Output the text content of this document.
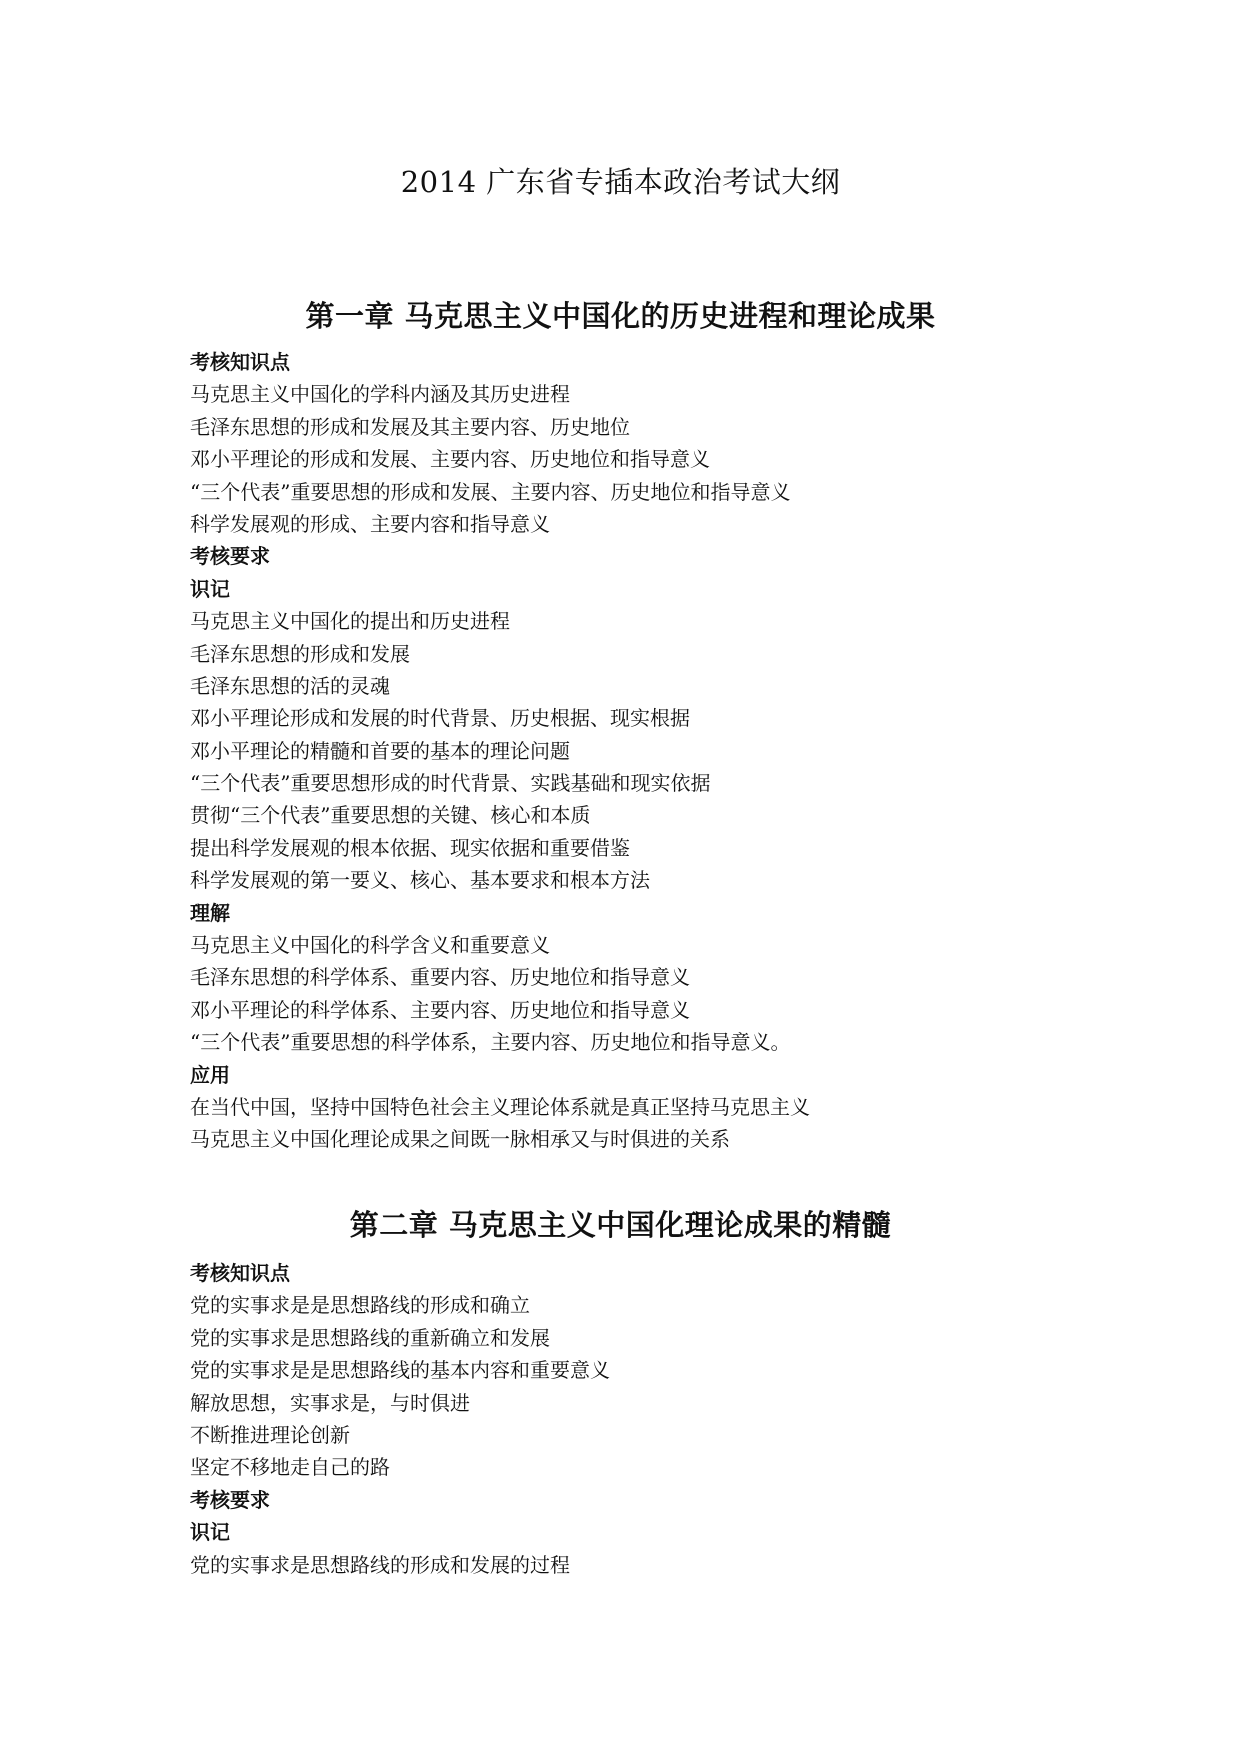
2014 广东省专插本政治考试大纲
第一章 马克思主义中国化的历史进程和理论成果
考核知识点
马克思主义中国化的学科内涵及其历史进程
毛泽东思想的形成和发展及其主要内容、历史地位
邓小平理论的形成和发展、主要内容、历史地位和指导意义
“三个代表”重要思想的形成和发展、主要内容、历史地位和指导意义
科学发展观的形成、主要内容和指导意义
考核要求
识记
马克思主义中国化的提出和历史进程
毛泽东思想的形成和发展
毛泽东思想的活的灵魂
邓小平理论形成和发展的时代背景、历史根据、现实根据
邓小平理论的精髓和首要的基本的理论问题
“三个代表”重要思想形成的时代背景、实践基础和现实依据
贯彻“三个代表”重要思想的关键、核心和本质
提出科学发展观的根本依据、现实依据和重要借鉴
科学发展观的第一要义、核心、基本要求和根本方法
理解
马克思主义中国化的科学含义和重要意义
毛泽东思想的科学体系、重要内容、历史地位和指导意义
邓小平理论的科学体系、主要内容、历史地位和指导意义
“三个代表”重要思想的科学体系，主要内容、历史地位和指导意义。
应用
在当代中国，坚持中国特色社会主义理论体系就是真正坚持马克思主义
马克思主义中国化理论成果之间既一脉相承又与时俱进的关系
第二章 马克思主义中国化理论成果的精髓
考核知识点
党的实事求是是思想路线的形成和确立
党的实事求是思想路线的重新确立和发展
党的实事求是是思想路线的基本内容和重要意义
解放思想，实事求是，与时俱进
不断推进理论创新
坚定不移地走自己的路
考核要求
识记
党的实事求是思想路线的形成和发展的过程
